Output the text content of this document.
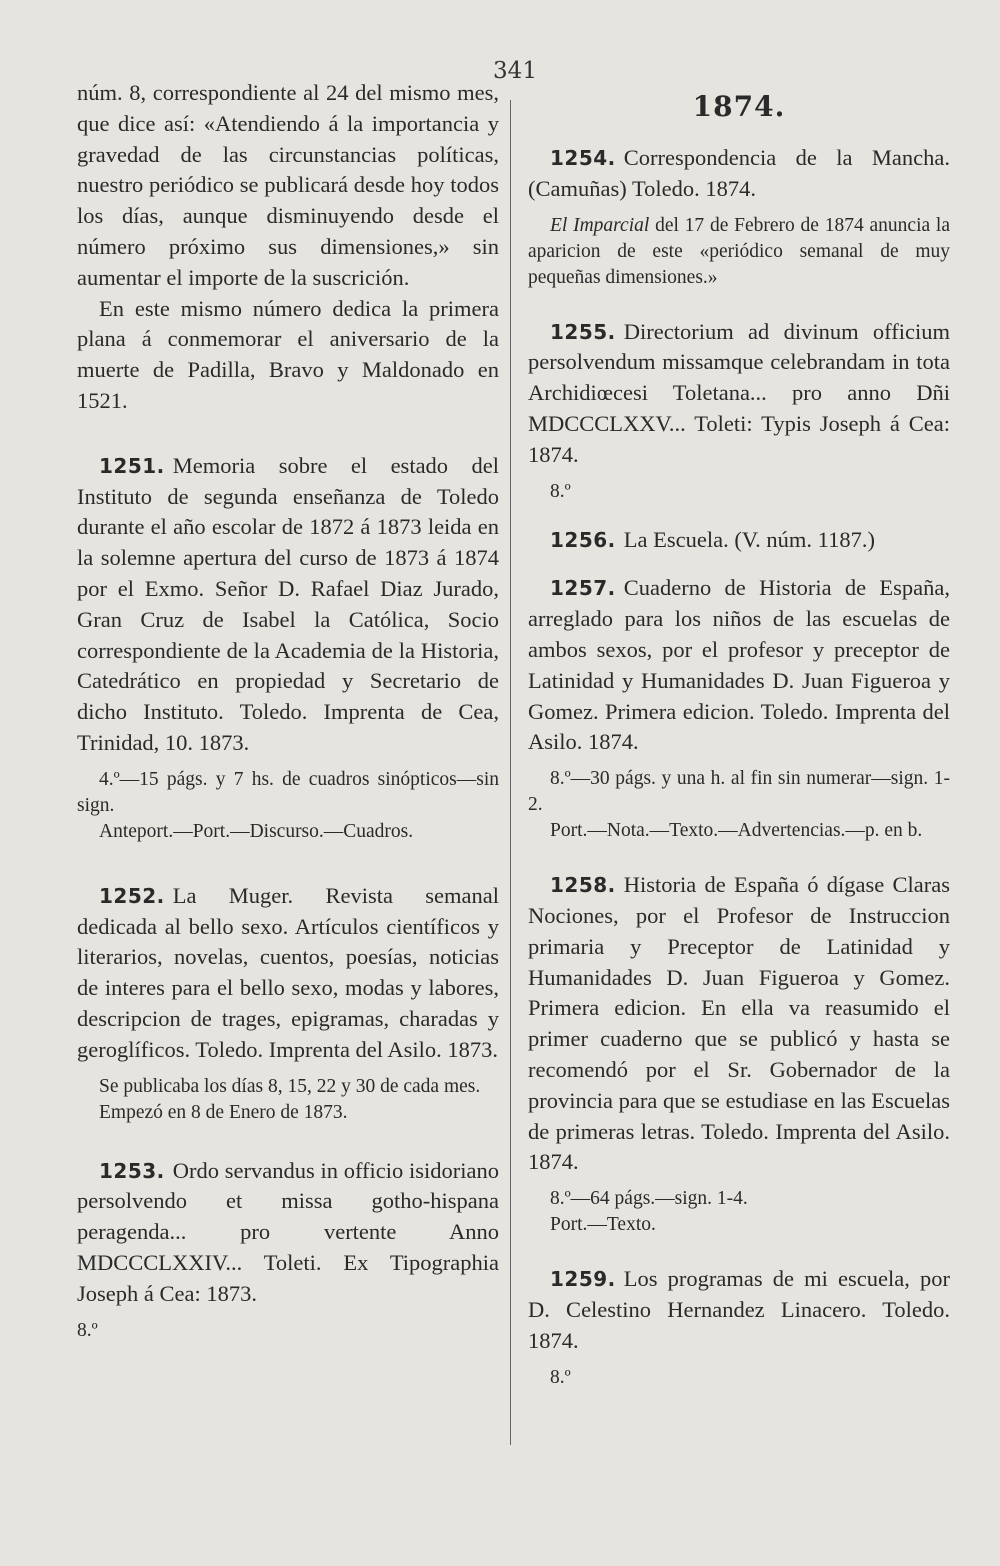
341

núm. 8, correspondiente al 24 del mismo mes, que dice así: «Atendiendo á la importancia y gravedad de las circunstancias políticas, nuestro periódico se publicará desde hoy todos los días, aunque disminuyendo desde el número próximo sus dimensiones,» sin aumentar el importe de la suscrición.

En este mismo número dedica la primera plana á conmemorar el aniversario de la muerte de Padilla, Bravo y Maldonado en 1521.

1251. Memoria sobre el estado del Instituto de segunda enseñanza de Toledo durante el año escolar de 1872 á 1873 leida en la solemne apertura del curso de 1873 á 1874 por el Exmo. Señor D. Rafael Diaz Jurado, Gran Cruz de Isabel la Católica, Socio correspondiente de la Academia de la Historia, Catedrático en propiedad y Secretario de dicho Instituto. Toledo. Imprenta de Cea, Trinidad, 10. 1873.

4.º—15 págs. y 7 hs. de cuadros sinópticos—sin sign.

Anteport.—Port.—Discurso.—Cuadros.

1252. La Muger. Revista semanal dedicada al bello sexo. Artículos científicos y literarios, novelas, cuentos, poesías, noticias de interes para el bello sexo, modas y labores, descripcion de trages, epigramas, charadas y geroglíficos. Toledo. Imprenta del Asilo. 1873.

Se publicaba los días 8, 15, 22 y 30 de cada mes.

Empezó en 8 de Enero de 1873.

1253. Ordo servandus in officio isidoriano persolvendo et missa gotho-hispana peragenda... pro vertente Anno MDCCCLXXIV... Toleti. Ex Tipographia Joseph á Cea: 1873.

8.º

1874.

1254. Correspondencia de la Mancha. (Camuñas) Toledo. 1874.

El Imparcial del 17 de Febrero de 1874 anuncia la aparicion de este «periódico semanal de muy pequeñas dimensiones.»

1255. Directorium ad divinum officium persolvendum missamque celebrandam in tota Archidiœcesi Toletana... pro anno Dñi MDCCCLXXV... Toleti: Typis Joseph á Cea: 1874.

8.º

1256. La Escuela. (V. núm. 1187.)

1257. Cuaderno de Historia de España, arreglado para los niños de las escuelas de ambos sexos, por el profesor y preceptor de Latinidad y Humanidades D. Juan Figueroa y Gomez. Primera edicion. Toledo. Imprenta del Asilo. 1874.

8.º—30 págs. y una h. al fin sin numerar—sign. 1-2.

Port.—Nota.—Texto.—Advertencias.—p. en b.

1258. Historia de España ó dígase Claras Nociones, por el Profesor de Instruccion primaria y Preceptor de Latinidad y Humanidades D. Juan Figueroa y Gomez. Primera edicion. En ella va reasumido el primer cuaderno que se publicó y hasta se recomendó por el Sr. Gobernador de la provincia para que se estudiase en las Escuelas de primeras letras. Toledo. Imprenta del Asilo. 1874.

8.º—64 págs.—sign. 1-4.

Port.—Texto.

1259. Los programas de mi escuela, por D. Celestino Hernandez Linacero. Toledo. 1874.

8.º
